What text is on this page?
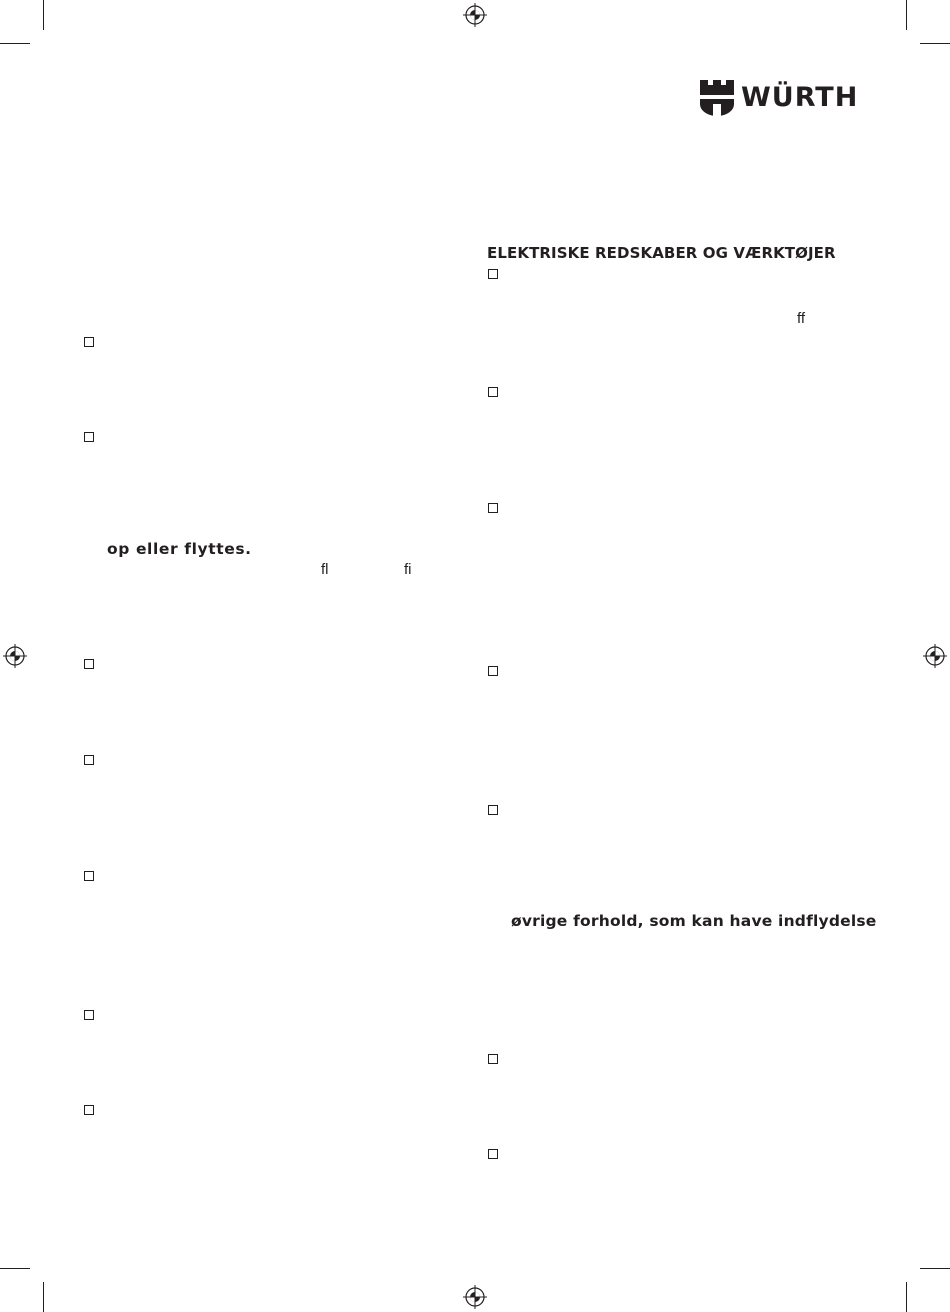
WÜRTH
ELEKTRISKE REDSKABER OG VÆRKTØJER
op eller flyttes.
fl	fi
ff
øvrige forhold, som kan have indflydelse
